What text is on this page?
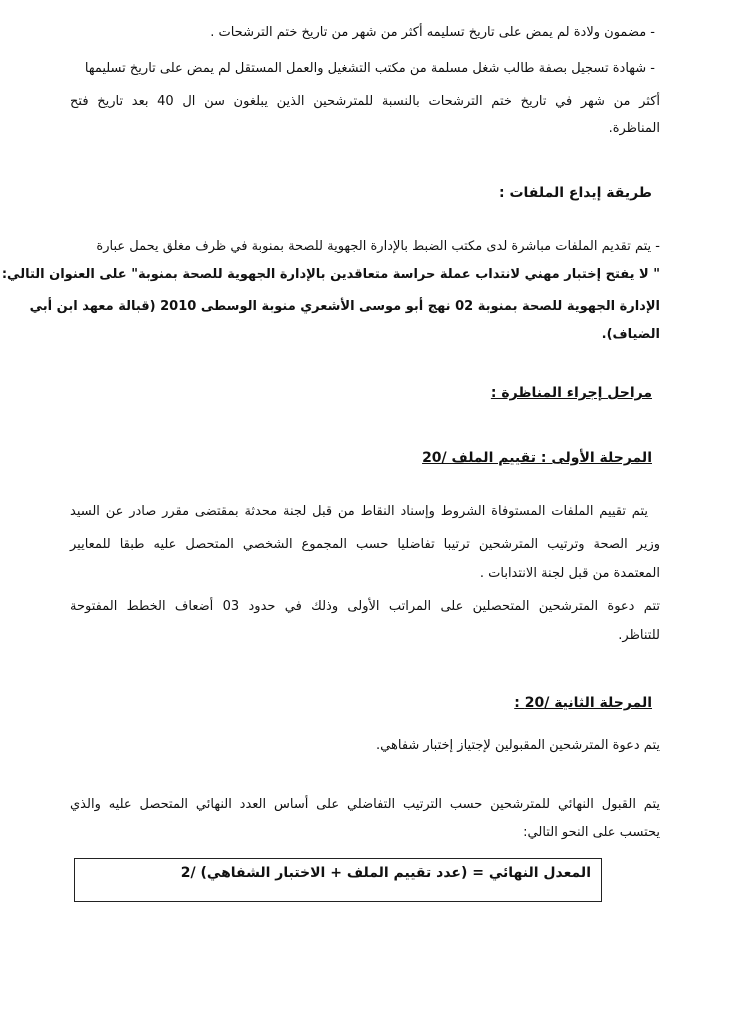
- مضمون ولادة لم يمض على تاريخ تسليمه أكثر من شهر من تاريخ ختم الترشحات .
- شهادة تسجيل بصفة طالب شغل مسلمة من مكتب التشغيل والعمل المستقل لم يمض على تاريخ تسليمها
أكثر من شهر في تاريخ ختم الترشحات بالنسبة للمترشحين الذين يبلغون سن ال 40 بعد تاريخ فتح
المناظرة.
طريقة إيداع الملفات :
- يتم تقديم الملفات مباشرة لدى مكتب الضبط بالإدارة الجهوية للصحة بمنوبة في ظرف مغلق يحمل عبارة
" لا يفتح إختبار مهني لانتداب عملة حراسة متعاقدين بالإدارة الجهوية للصحة بمنوبة" على العنوان التالي:
الإدارة الجهوية للصحة بمنوبة 02 نهج أبو موسى الأشعري منوبة الوسطى 2010 (قبالة معهد ابن أبي
الضياف).
مراحل إجراء المناظرة :
المرحلة الأولى : تقييم الملف /20
يتم تقييم الملفات المستوفاة الشروط وإسناد النقاط من قبل لجنة محدثة بمقتضى مقرر صادر عن السيد
وزير الصحة وترتيب المترشحين ترتيبا تفاضليا حسب المجموع الشخصي المتحصل عليه طبقا للمعايير
المعتمدة من قبل لجنة الانتدابات .
تتم دعوة المترشحين المتحصلين على المراتب الأولى وذلك في حدود 03 أضعاف الخطط المفتوحة
للتناظر.
المرحلة الثانية /20 :
يتم دعوة المترشحين المقبولين لإجتياز إختبار شفاهي.
يتم القبول النهائي للمترشحين حسب الترتيب التفاضلي على أساس العدد النهائي المتحصل عليه والذي
يحتسب على النحو التالي:
المعدل النهائي = (عدد تقييم الملف + الاختبار الشفاهي) /2
